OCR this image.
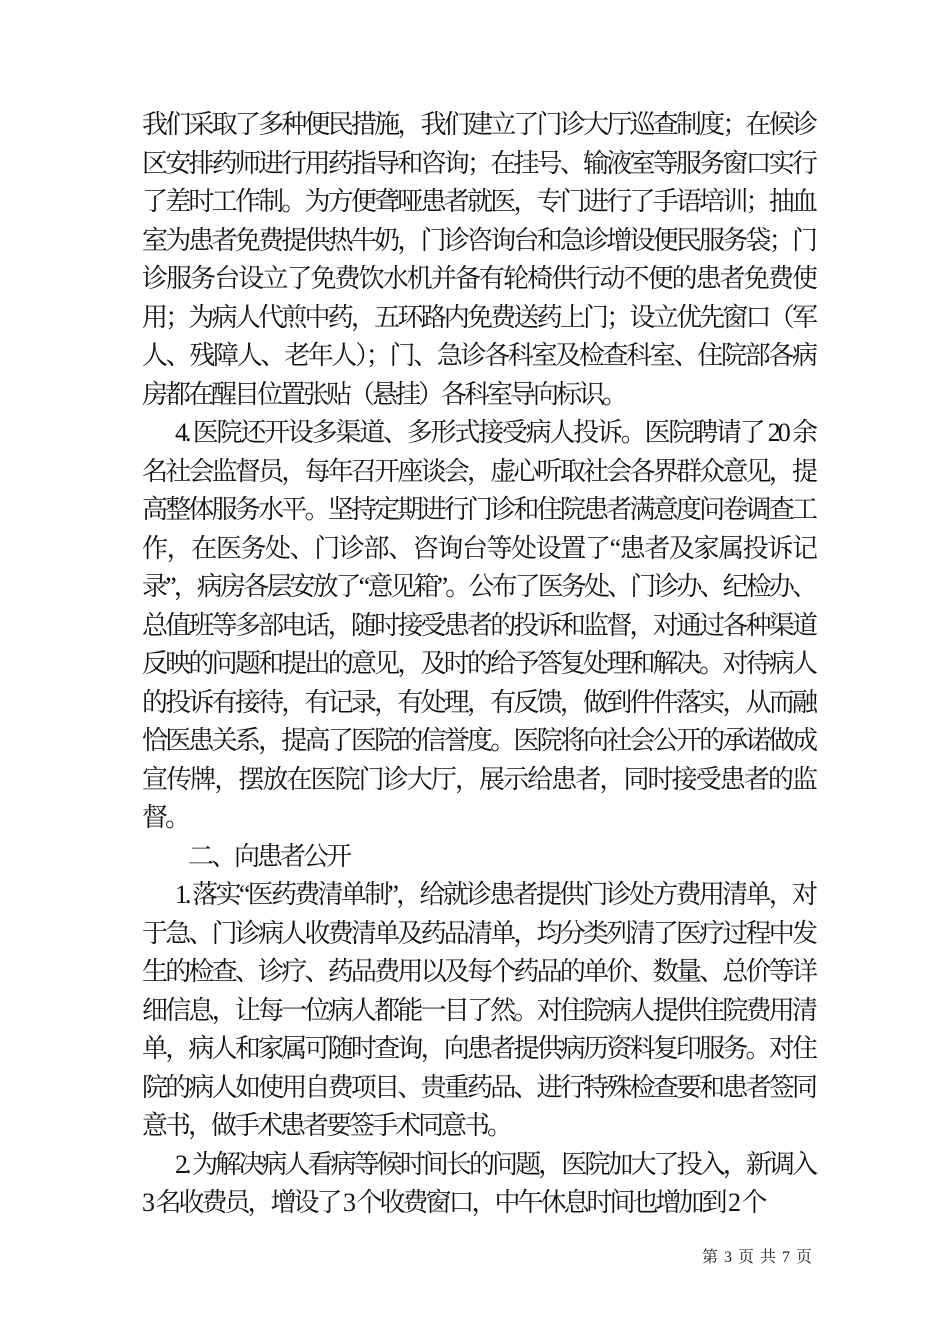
我们采取了多种便民措施，我们建立了门诊大厅巡查制度；在候诊区安排药师进行用药指导和咨询；在挂号、输液室等服务窗口实行了差时工作制。为方便聋哑患者就医，专门进行了手语培训；抽血室为患者免费提供热牛奶，门诊咨询台和急诊增设便民服务袋；门诊服务台设立了免费饮水机并备有轮椅供行动不便的患者免费使用；为病人代煎中药，五环路内免费送药上门；设立优先窗口（军人、残障人、老年人）；门、急诊各科室及检查科室、住院部各病房都在醒目位置张贴（悬挂）各科室导向标识。

4. 医院还开设多渠道、多形式接受病人投诉。医院聘请了 20 余名社会监督员，每年召开座谈会，虚心听取社会各界群众意见，提高整体服务水平。坚持定期进行门诊和住院患者满意度问卷调查工作，在医务处、门诊部、咨询台等处设置了“患者及家属投诉记录”，病房各层安放了“意见箱”。公布了医务处、门诊办、纪检办、总值班等多部电话，随时接受患者的投诉和监督，对通过各种渠道反映的问题和提出的意见，及时的给予答复处理和解决。对待病人的投诉有接待，有记录，有处理，有反馈，做到件件落实，从而融恰医患关系，提高了医院的信誉度。医院将向社会公开的承诺做成宣传牌，摆放在医院门诊大厅，展示给患者，同时接受患者的监督。

二、向患者公开

1. 落实“医药费清单制”，给就诊患者提供门诊处方费用清单，对于急、门诊病人收费清单及药品清单，均分类列清了医疗过程中发生的检查、诊疗、药品费用以及每个药品的单价、数量、总价等详细信息，让每一位病人都能一目了然。对住院病人提供住院费用清单，病人和家属可随时查询，向患者提供病历资料复印服务。对住院的病人如使用自费项目、贵重药品、进行特殊检查要和患者签同意书，做手术患者要签手术同意书。

2. 为解决病人看病等候时间长的问题，医院加大了投入，新调入 3 名收费员，增设了 3 个收费窗口，中午休息时间也增加到 2 个

第 3 页 共 7 页
